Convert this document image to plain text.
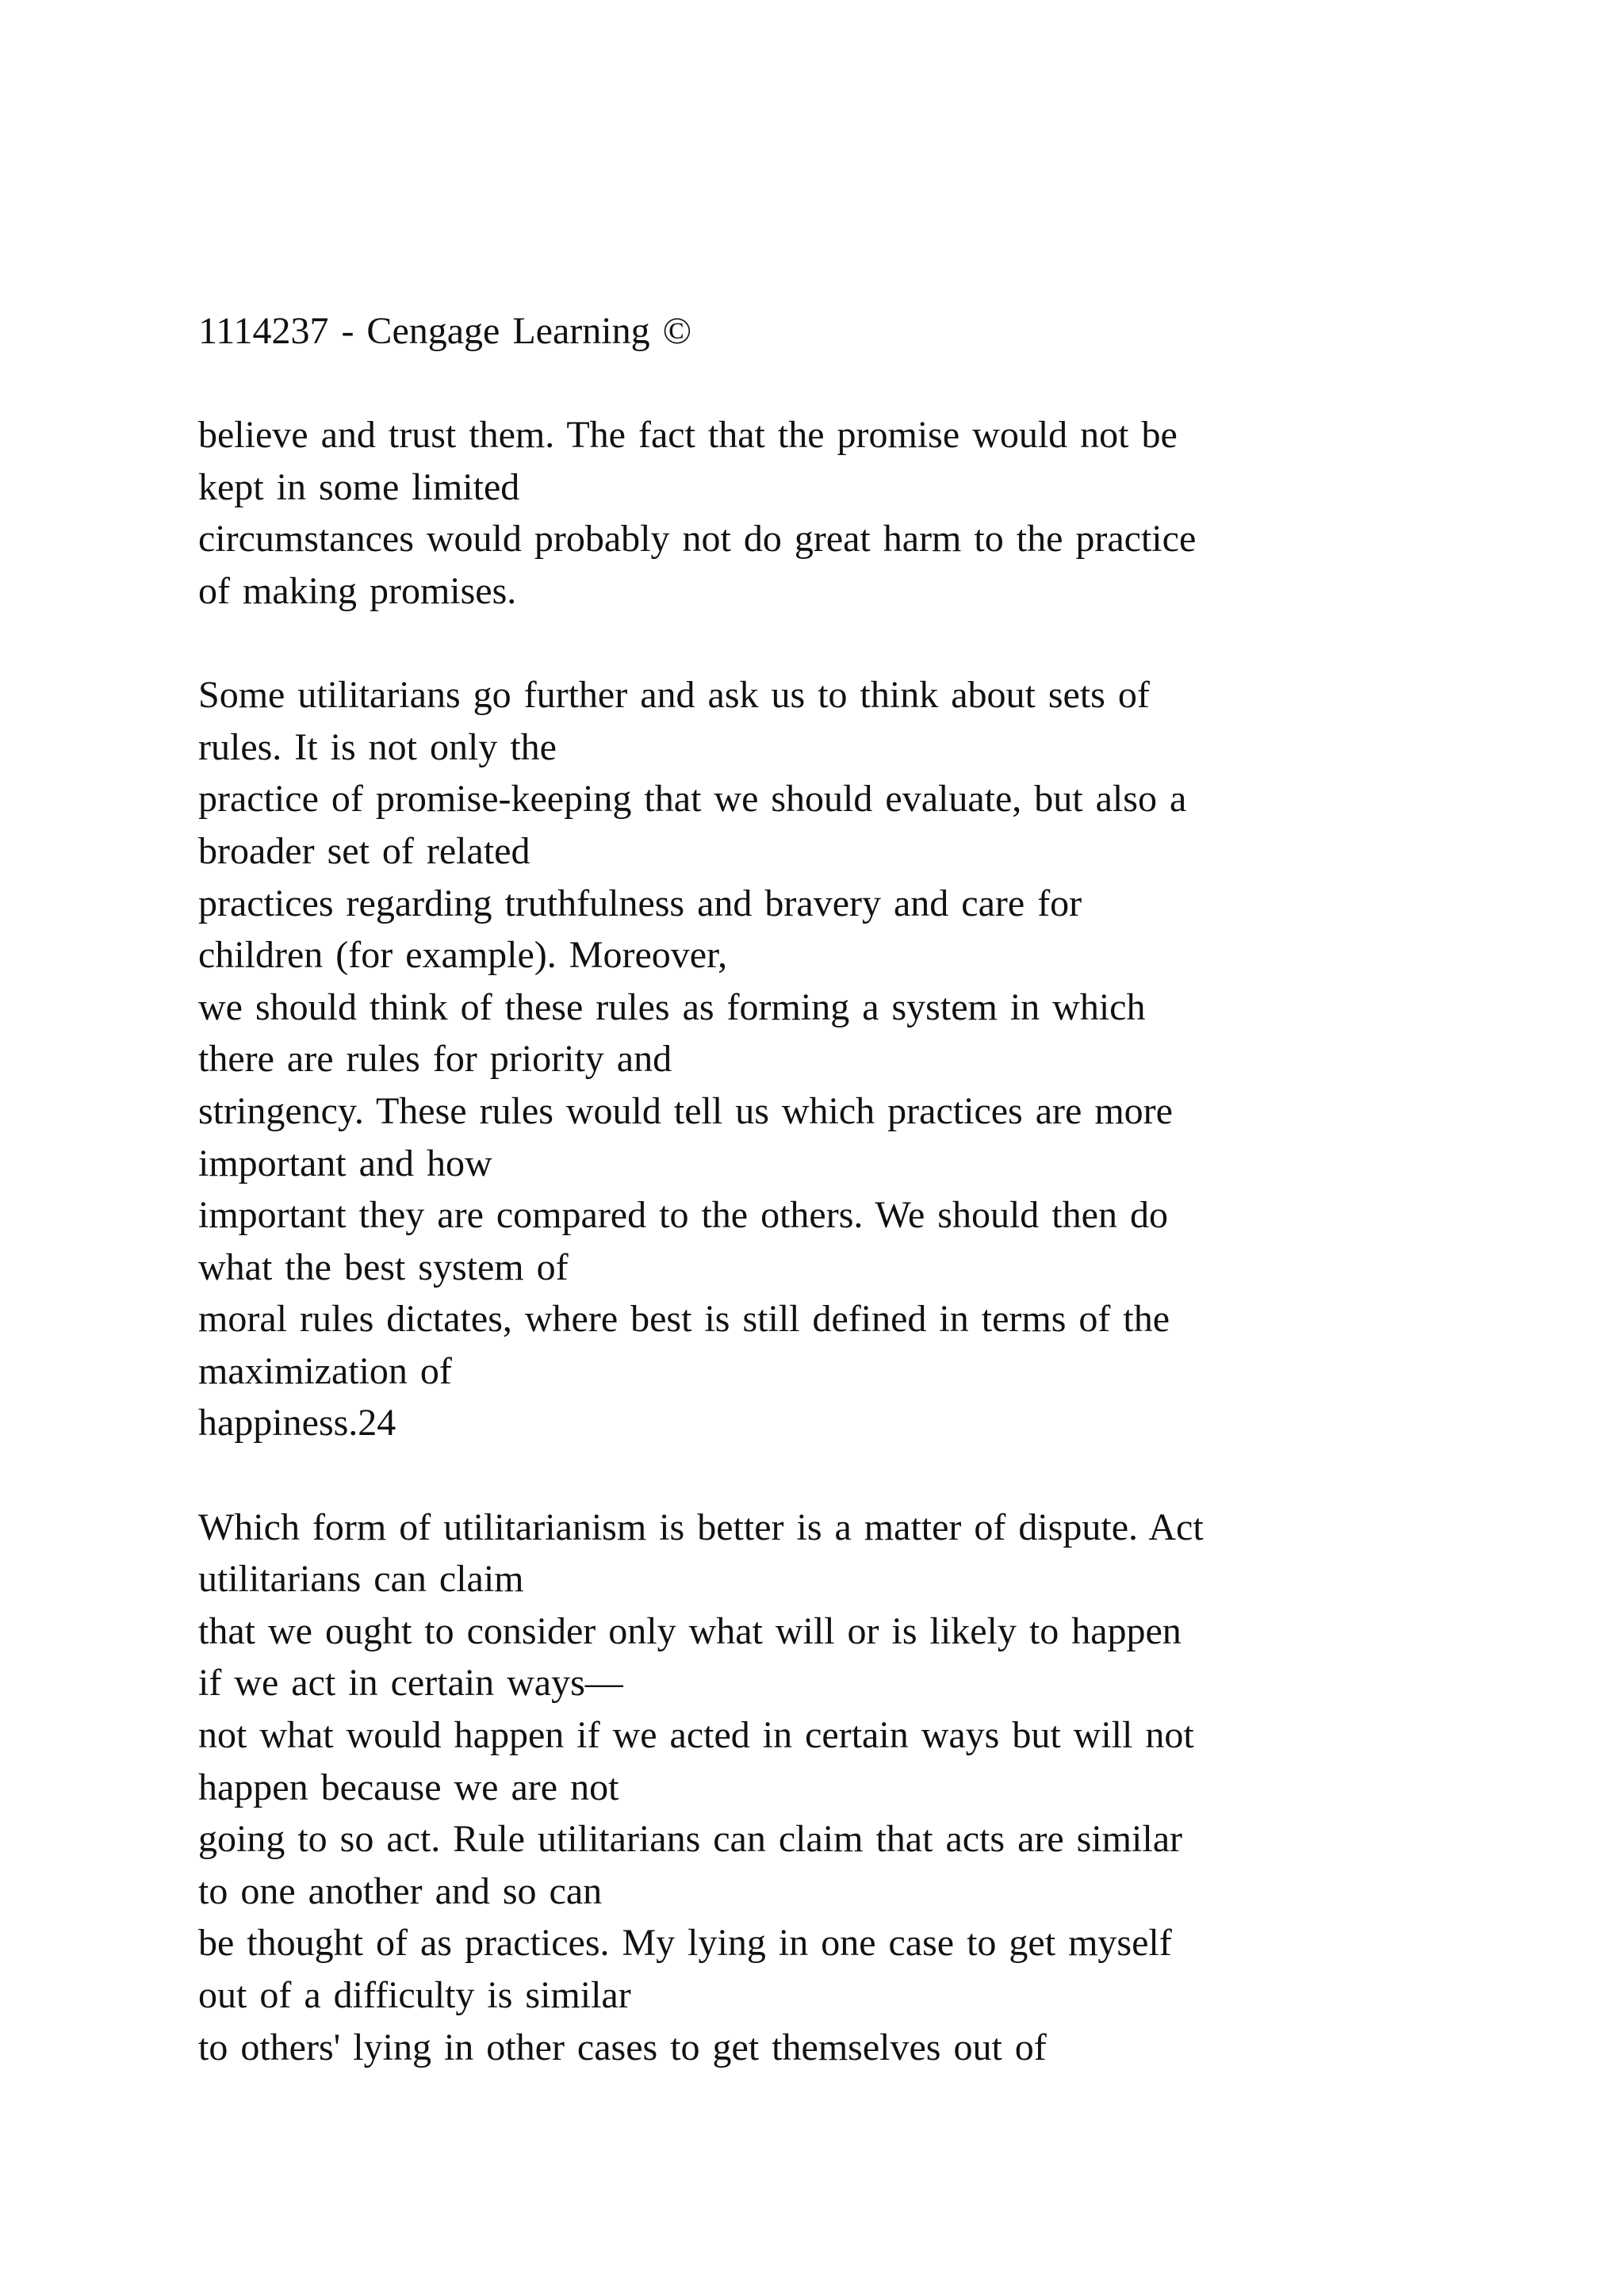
1114237 - Cengage Learning ©
believe and trust them. The fact that the promise would not be
kept in some limited
circumstances would probably not do great harm to the practice
of making promises.
Some utilitarians go further and ask us to think about sets of
rules. It is not only the
practice of promise-keeping that we should evaluate, but also a
broader set of related
practices regarding truthfulness and bravery and care for
children (for example). Moreover,
we should think of these rules as forming a system in which
there are rules for priority and
stringency. These rules would tell us which practices are more
important and how
important they are compared to the others. We should then do
what the best system of
moral rules dictates, where best is still defined in terms of the
maximization of
happiness.24
Which form of utilitarianism is better is a matter of dispute. Act
utilitarians can claim
that we ought to consider only what will or is likely to happen
if we act in certain ways—
not what would happen if we acted in certain ways but will not
happen because we are not
going to so act. Rule utilitarians can claim that acts are similar
to one another and so can
be thought of as practices. My lying in one case to get myself
out of a difficulty is similar
to others' lying in other cases to get themselves out of
